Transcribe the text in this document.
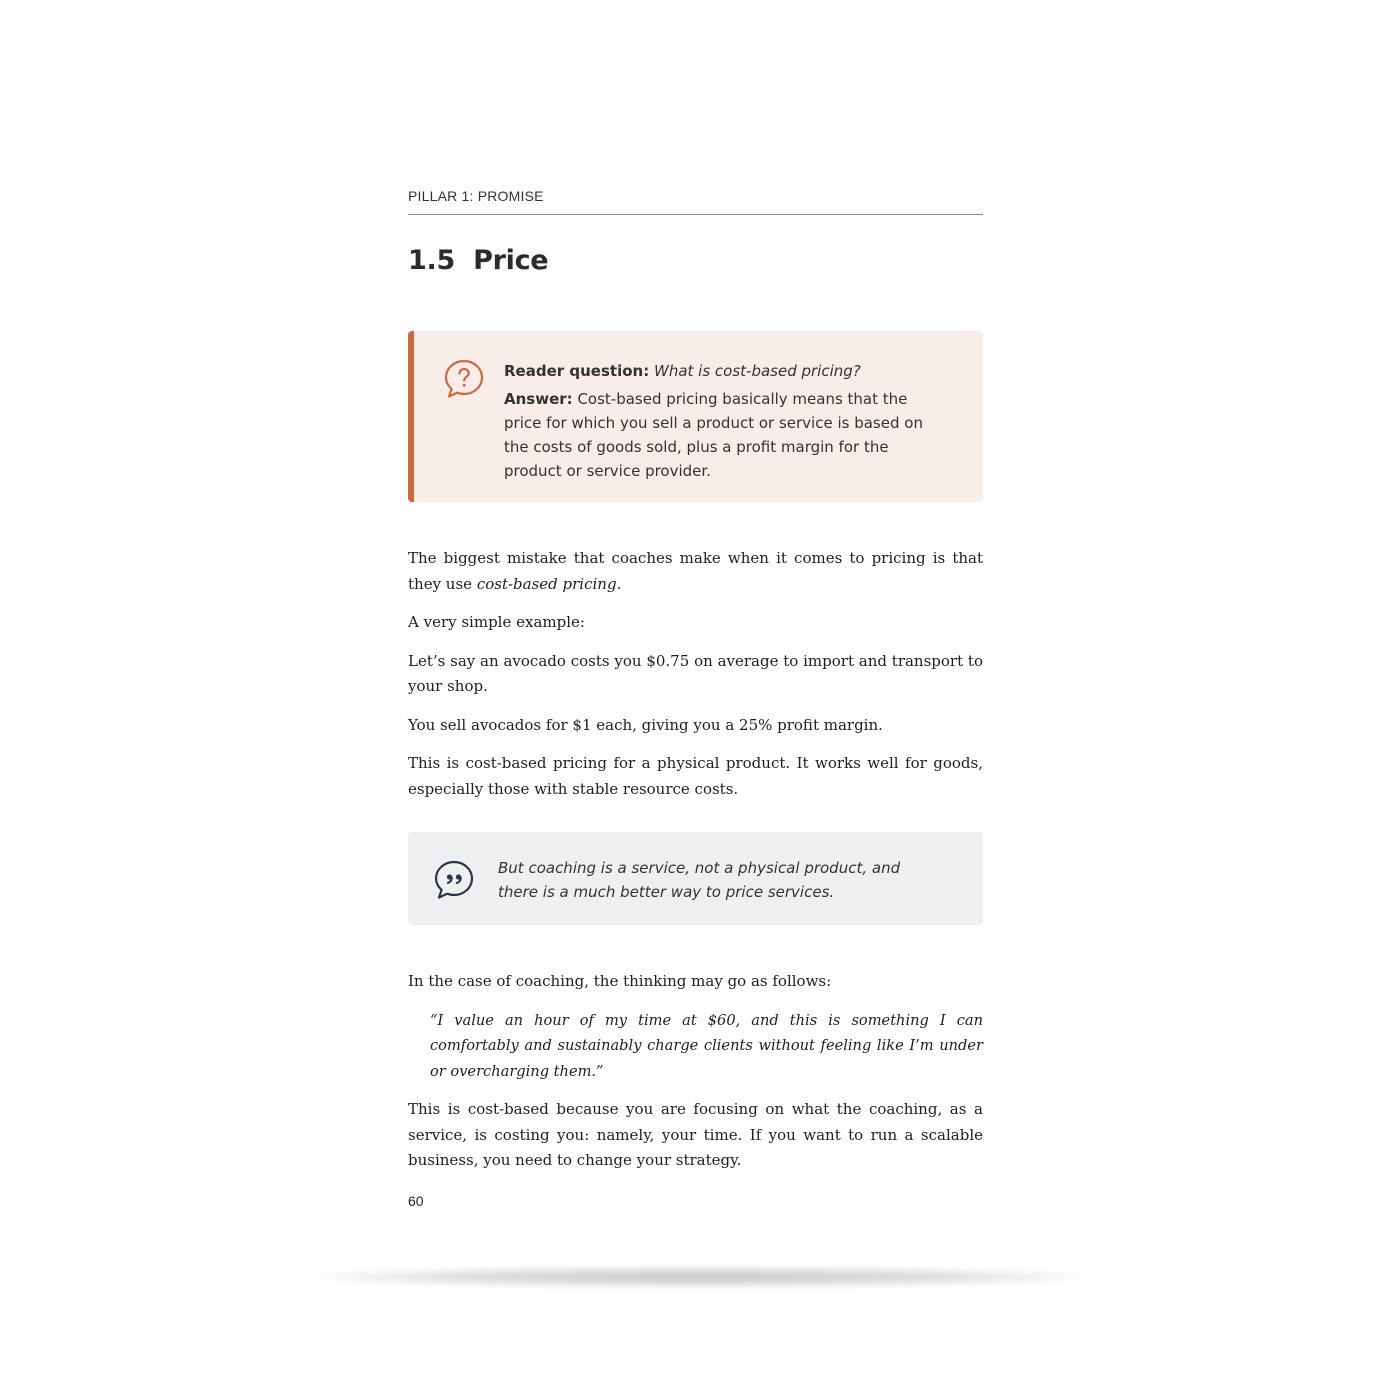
PILLAR 1: PROMISE
1.5  Price
Reader question: What is cost-based pricing?
Answer: Cost-based pricing basically means that the price for which you sell a product or service is based on the costs of goods sold, plus a profit margin for the product or service provider.

The biggest mistake that coaches make when it comes to pricing is that they use cost-based pricing.

A very simple example:

Let’s say an avocado costs you $0.75 on average to import and transport to your shop.

You sell avocados for $1 each, giving you a 25% profit margin.

This is cost-based pricing for a physical product. It works well for goods, especially those with stable resource costs.

But coaching is a service, not a physical product, and there is a much better way to price services.

In the case of coaching, the thinking may go as follows:

“I value an hour of my time at $60, and this is something I can comfortably and sustainably charge clients without feeling like I’m under or overcharging them.”

This is cost-based because you are focusing on what the coaching, as a service, is costing you: namely, your time. If you want to run a scalable business, you need to change your strategy.

60
